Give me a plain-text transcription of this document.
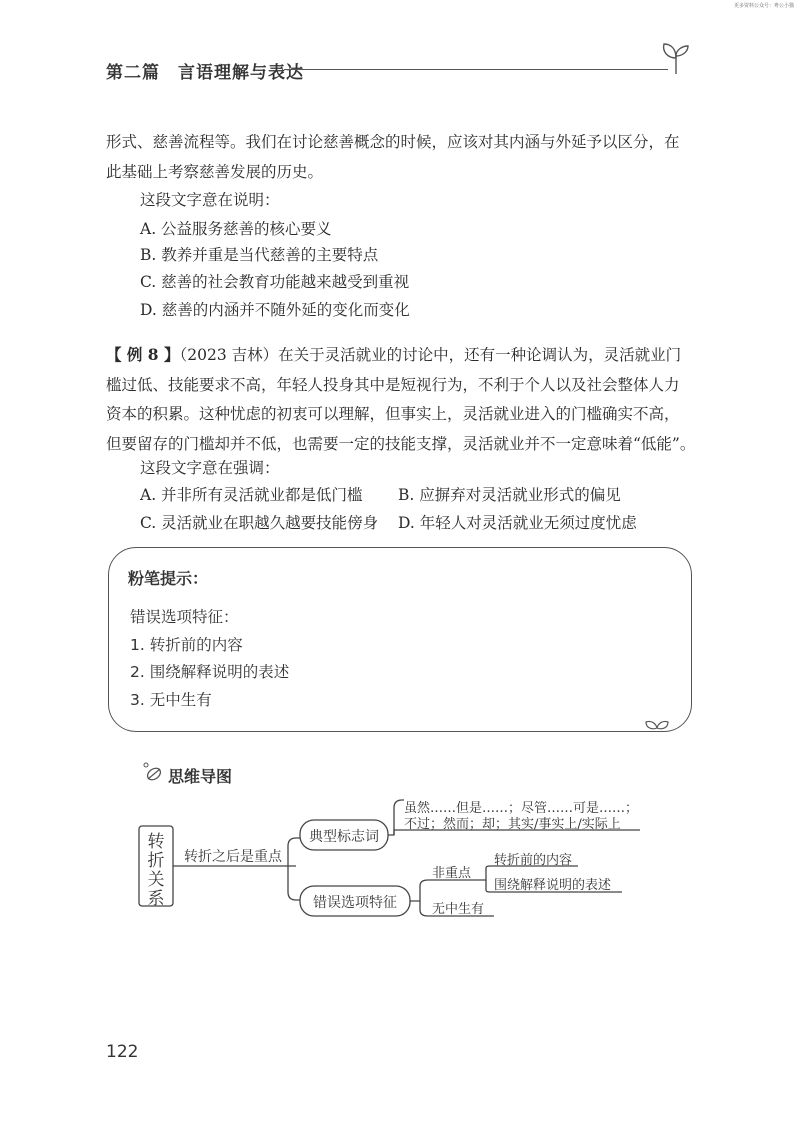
更多资料公众号：粤公小猫
第二篇　言语理解与表达
形式、慈善流程等。我们在讨论慈善概念的时候，应该对其内涵与外延予以区分，在
此基础上考察慈善发展的历史。
这段文字意在说明：
A. 公益服务慈善的核心要义
B. 教养并重是当代慈善的主要特点
C. 慈善的社会教育功能越来越受到重视
D. 慈善的内涵并不随外延的变化而变化
【 例 8 】（2023 吉林）在关于灵活就业的讨论中，还有一种论调认为，灵活就业门
槛过低、技能要求不高，年轻人投身其中是短视行为，不利于个人以及社会整体人力
资本的积累。这种忧虑的初衷可以理解，但事实上，灵活就业进入的门槛确实不高，
但要留存的门槛却并不低，也需要一定的技能支撑，灵活就业并不一定意味着“低能”。
这段文字意在强调：
A. 并非所有灵活就业都是低门槛 B. 应摒弃对灵活就业形式的偏见
C. 灵活就业在职越久越要技能傍身 D. 年轻人对灵活就业无须过度忧虑
粉笔提示：
错误选项特征：
1. 转折前的内容
2. 围绕解释说明的表述
3. 无中生有
思维导图
转
折
关
系
转折之后是重点
典型标志词
虽然……但是……；尽管……可是……；
不过；然而；却；其实/事实上/实际上
错误选项特征
非重点
转折前的内容
围绕解释说明的表述
无中生有
122
